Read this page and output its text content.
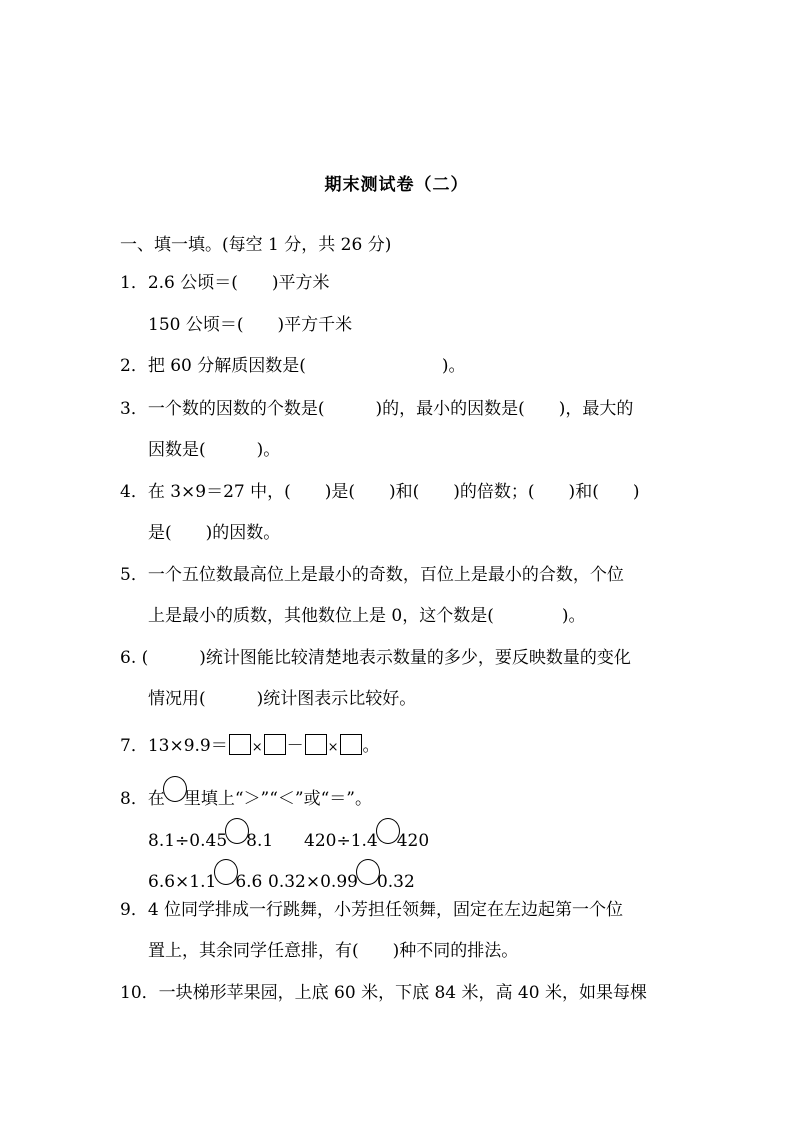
期末测试卷（二）
一、填一填。(每空 1 分，共 26 分)
1．2.6 公顷＝(　　)平方米
150 公顷＝(　　)平方千米
2．把 60 分解质因数是(　　　　　　　　)。
3．一个数的因数的个数是(　　　)的，最小的因数是(　　)，最大的
因数是(　　　)。
4．在 3×9＝27 中，(　　)是(　　)和(　　)的倍数；(　　)和(　　)
是(　　)的因数。
5．一个五位数最高位上是最小的奇数，百位上是最小的合数，个位
上是最小的质数，其他数位上是 0，这个数是(　　　　)。
6. (　　　)统计图能比较清楚地表示数量的多少，要反映数量的变化
情况用(　　　)统计图表示比较好。
7．13×9.9＝ × － × 。
8．在 里填上“＞”“＜”或“＝”。
8.1÷0.45 8.1 420÷1.4 420
6.6×1.1 6.6 0.32×0.99 0.32
9．4 位同学排成一行跳舞，小芳担任领舞，固定在左边起第一个位
置上，其余同学任意排，有(　　)种不同的排法。
10．一块梯形苹果园，上底 60 米，下底 84 米，高 40 米，如果每棵
